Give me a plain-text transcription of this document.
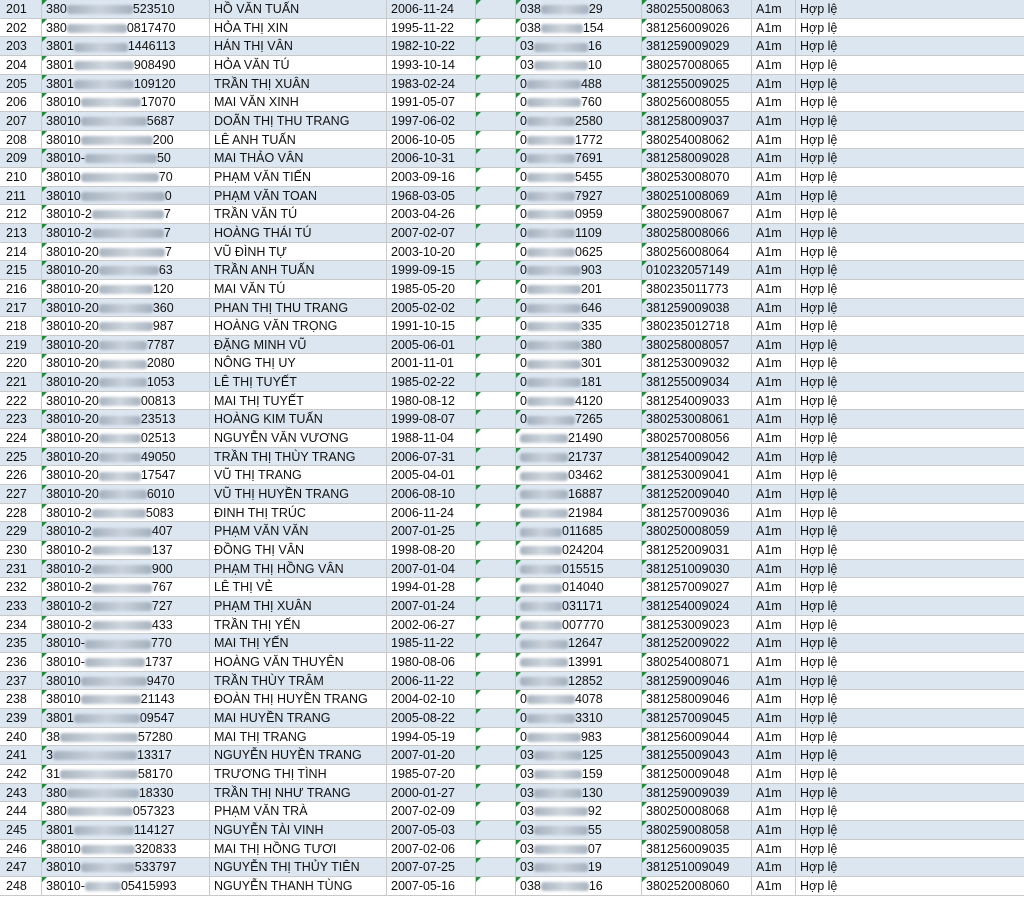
201	380	523510	HỒ VĂN TUẤN	2006-11-24	038	29	380255008063	A1m	Hợp lệ
202	380	0817470	HỎA THỊ XIN	1995-11-22	038	154	381256009026	A1m	Hợp lệ
203	3801	1446113	HÁN THỊ VÂN	1982-10-22	03	16	381259009029	A1m	Hợp lệ
204	3801	908490	HỎA VĂN TÚ	1993-10-14	03	10	380257008065	A1m	Hợp lệ
205	3801	109120	TRẦN THỊ XUÂN	1983-02-24	0	488	381255009025	A1m	Hợp lệ
206	38010	17070	MAI VĂN XINH	1991-05-07	0	760	380256008055	A1m	Hợp lệ
207	38010	5687	DOÃN THỊ THU TRANG	1997-06-02	0	2580	381258009037	A1m	Hợp lệ
208	38010	200	LÊ ANH TUẤN	2006-10-05	0	1772	380254008062	A1m	Hợp lệ
209	38010-	50	MAI THẢO VÂN	2006-10-31	0	7691	381258009028	A1m	Hợp lệ
210	38010	70	PHẠM VĂN TIẾN	2003-09-16	0	5455	380253008070	A1m	Hợp lệ
211	38010	0	PHẠM VĂN TOAN	1968-03-05	0	7927	380251008069	A1m	Hợp lệ
212	38010-2	7	TRẦN VĂN TÚ	2003-04-26	0	0959	380259008067	A1m	Hợp lệ
213	38010-2	7	HOÀNG THÁI TÚ	2007-02-07	0	1109	380258008066	A1m	Hợp lệ
214	38010-20	7	VŨ ĐÌNH TỰ	2003-10-20	0	0625	380256008064	A1m	Hợp lệ
215	38010-20	63	TRẦN ANH TUẤN	1999-09-15	0	903	010232057149	A1m	Hợp lệ
216	38010-20	120	MAI VĂN TÚ	1985-05-20	0	201	380235011773	A1m	Hợp lệ
217	38010-20	360	PHAN THỊ THU TRANG	2005-02-02	0	646	381259009038	A1m	Hợp lệ
218	38010-20	987	HOÀNG VĂN TRỌNG	1991-10-15	0	335	380235012718	A1m	Hợp lệ
219	38010-20	7787	ĐẶNG MINH VŨ	2005-06-01	0	380	380258008057	A1m	Hợp lệ
220	38010-20	2080	NÔNG THỊ UY	2001-11-01	0	301	381253009032	A1m	Hợp lệ
221	38010-20	1053	LÊ THỊ TUYẾT	1985-02-22	0	181	381255009034	A1m	Hợp lệ
222	38010-20	00813	MAI THỊ TUYẾT	1980-08-12	0	4120	381254009033	A1m	Hợp lệ
223	38010-20	23513	HOÀNG KIM TUẤN	1999-08-07	0	7265	380253008061	A1m	Hợp lệ
224	38010-20	02513	NGUYỄN VĂN VƯƠNG	1988-11-04	21490	380257008056	A1m	Hợp lệ
225	38010-20	49050	TRẦN THỊ THÙY TRANG	2006-07-31	21737	381254009042	A1m	Hợp lệ
226	38010-20	17547	VŨ THỊ TRANG	2005-04-01	03462	381253009041	A1m	Hợp lệ
227	38010-20	6010	VŨ THỊ HUYỀN TRANG	2006-08-10	16887	381252009040	A1m	Hợp lệ
228	38010-2	5083	ĐINH THỊ TRÚC	2006-11-24	21984	381257009036	A1m	Hợp lệ
229	38010-2	407	PHẠM VĂN VĂN	2007-01-25	011685	380250008059	A1m	Hợp lệ
230	38010-2	137	ĐỒNG THỊ VÂN	1998-08-20	024204	381252009031	A1m	Hợp lệ
231	38010-2	900	PHẠM THỊ HỒNG VÂN	2007-01-04	015515	381251009030	A1m	Hợp lệ
232	38010-2	767	LÊ THỊ VẺ	1994-01-28	014040	381257009027	A1m	Hợp lệ
233	38010-2	727	PHẠM THỊ XUÂN	2007-01-24	031171	381254009024	A1m	Hợp lệ
234	38010-2	433	TRẦN THỊ YẾN	2002-06-27	007770	381253009023	A1m	Hợp lệ
235	38010-	770	MAI THỊ YẾN	1985-11-22	12647	381252009022	A1m	Hợp lệ
236	38010-	1737	HOÀNG VĂN THUYÊN	1980-08-06	13991	380254008071	A1m	Hợp lệ
237	38010	9470	TRẦN THÙY TRÂM	2006-11-22	12852	381259009046	A1m	Hợp lệ
238	38010	21143	ĐOÀN THỊ HUYỀN TRANG	2004-02-10	0	4078	381258009046	A1m	Hợp lệ
239	3801	09547	MAI HUYỀN TRANG	2005-08-22	0	3310	381257009045	A1m	Hợp lệ
240	38	57280	MAI THỊ TRANG	1994-05-19	0	983	381256009044	A1m	Hợp lệ
241	3	13317	NGUYỄN HUYỀN TRANG	2007-01-20	03	125	381255009043	A1m	Hợp lệ
242	31	58170	TRƯƠNG THỊ TÌNH	1985-07-20	03	159	381250009048	A1m	Hợp lệ
243	380	18330	TRẦN THỊ NHƯ TRANG	2000-01-27	03	130	381259009039	A1m	Hợp lệ
244	380	057323	PHẠM VĂN TRÀ	2007-02-09	03	92	380250008068	A1m	Hợp lệ
245	3801	114127	NGUYỄN TÀI VINH	2007-05-03	03	55	380259008058	A1m	Hợp lệ
246	38010	320833	MAI THỊ HỒNG TƯƠI	2007-02-06	03	07	381256009035	A1m	Hợp lệ
247	38010	533797	NGUYỄN THỊ THỦY TIÊN	2007-07-25	03	19	381251009049	A1m	Hợp lệ
248	38010-	05415993	NGUYỄN THANH TÙNG	2007-05-16	038	16	380252008060	A1m	Hợp lệ
